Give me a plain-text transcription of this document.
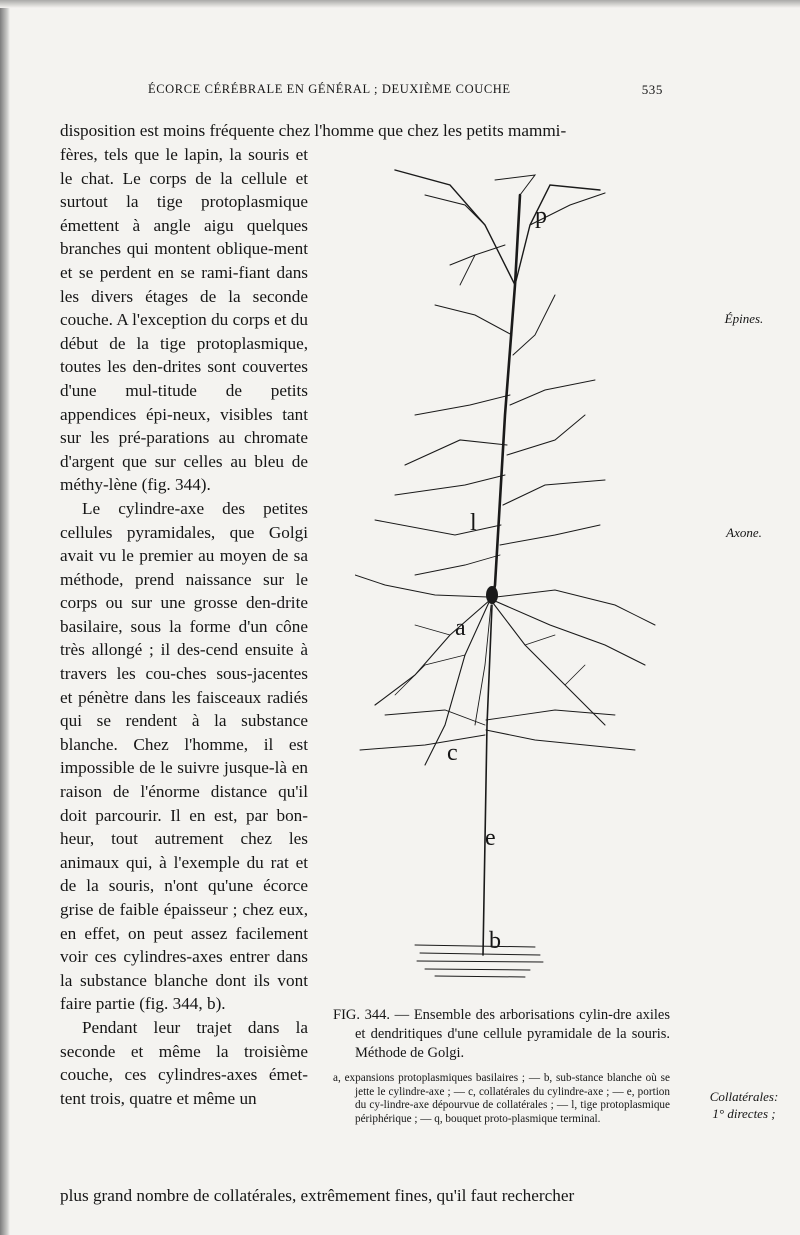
ÉCORCE CÉRÉBRALE EN GÉNÉRAL ; DEUXIÈME COUCHE	535
disposition est moins fréquente chez l'homme que chez les petits mammi-

fères, tels que le lapin, la souris et le chat. Le corps de la cellule et surtout la tige protoplasmique émettent à angle aigu quelques branches qui montent oblique-ment et se perdent en se rami-fiant dans les divers étages de la seconde couche. A l'exception du corps et du début de la tige protoplasmique, toutes les den-drites sont couvertes d'une mul-titude de petits appendices épi-neux, visibles tant sur les pré-parations au chromate d'argent que sur celles au bleu de méthy-lène (fig. 344).

Le cylindre-axe des petites cellules pyramidales, que Golgi avait vu le premier au moyen de sa méthode, prend naissance sur le corps ou sur une grosse den-drite basilaire, sous la forme d'un cône très allongé ; il des-cend ensuite à travers les cou-ches sous-jacentes et pénètre dans les faisceaux radiés qui se rendent à la substance blanche. Chez l'homme, il est impossible de le suivre jusque-là en raison de l'énorme distance qu'il doit parcourir. Il en est, par bon-heur, tout autrement chez les animaux qui, à l'exemple du rat et de la souris, n'ont qu'une écorce grise de faible épaisseur ; chez eux, en effet, on peut assez facilement voir ces cylindres-axes entrer dans la substance blanche dont ils vont faire partie (fig. 344, b).

Pendant leur trajet dans la seconde et même la troisième couche, ces cylindres-axes émet-tent trois, quatre et même un

plus grand nombre de collatérales, extrêmement fines, qu'il faut rechercher
Épines.
Axone.
Collatérales:
1° directes ;
p
l
a
c
e
b

FIG. 344. — Ensemble des arborisations cylin-dre axiles et dendritiques d'une cellule pyramidale de la souris. Méthode de Golgi.

a, expansions protoplasmiques basilaires ; — b, sub-stance blanche où se jette le cylindre-axe ; — c, collatérales du cylindre-axe ; — e, portion du cy-lindre-axe dépourvue de collatérales ; — l, tige protoplasmique périphérique ; — q, bouquet proto-plasmique terminal.
